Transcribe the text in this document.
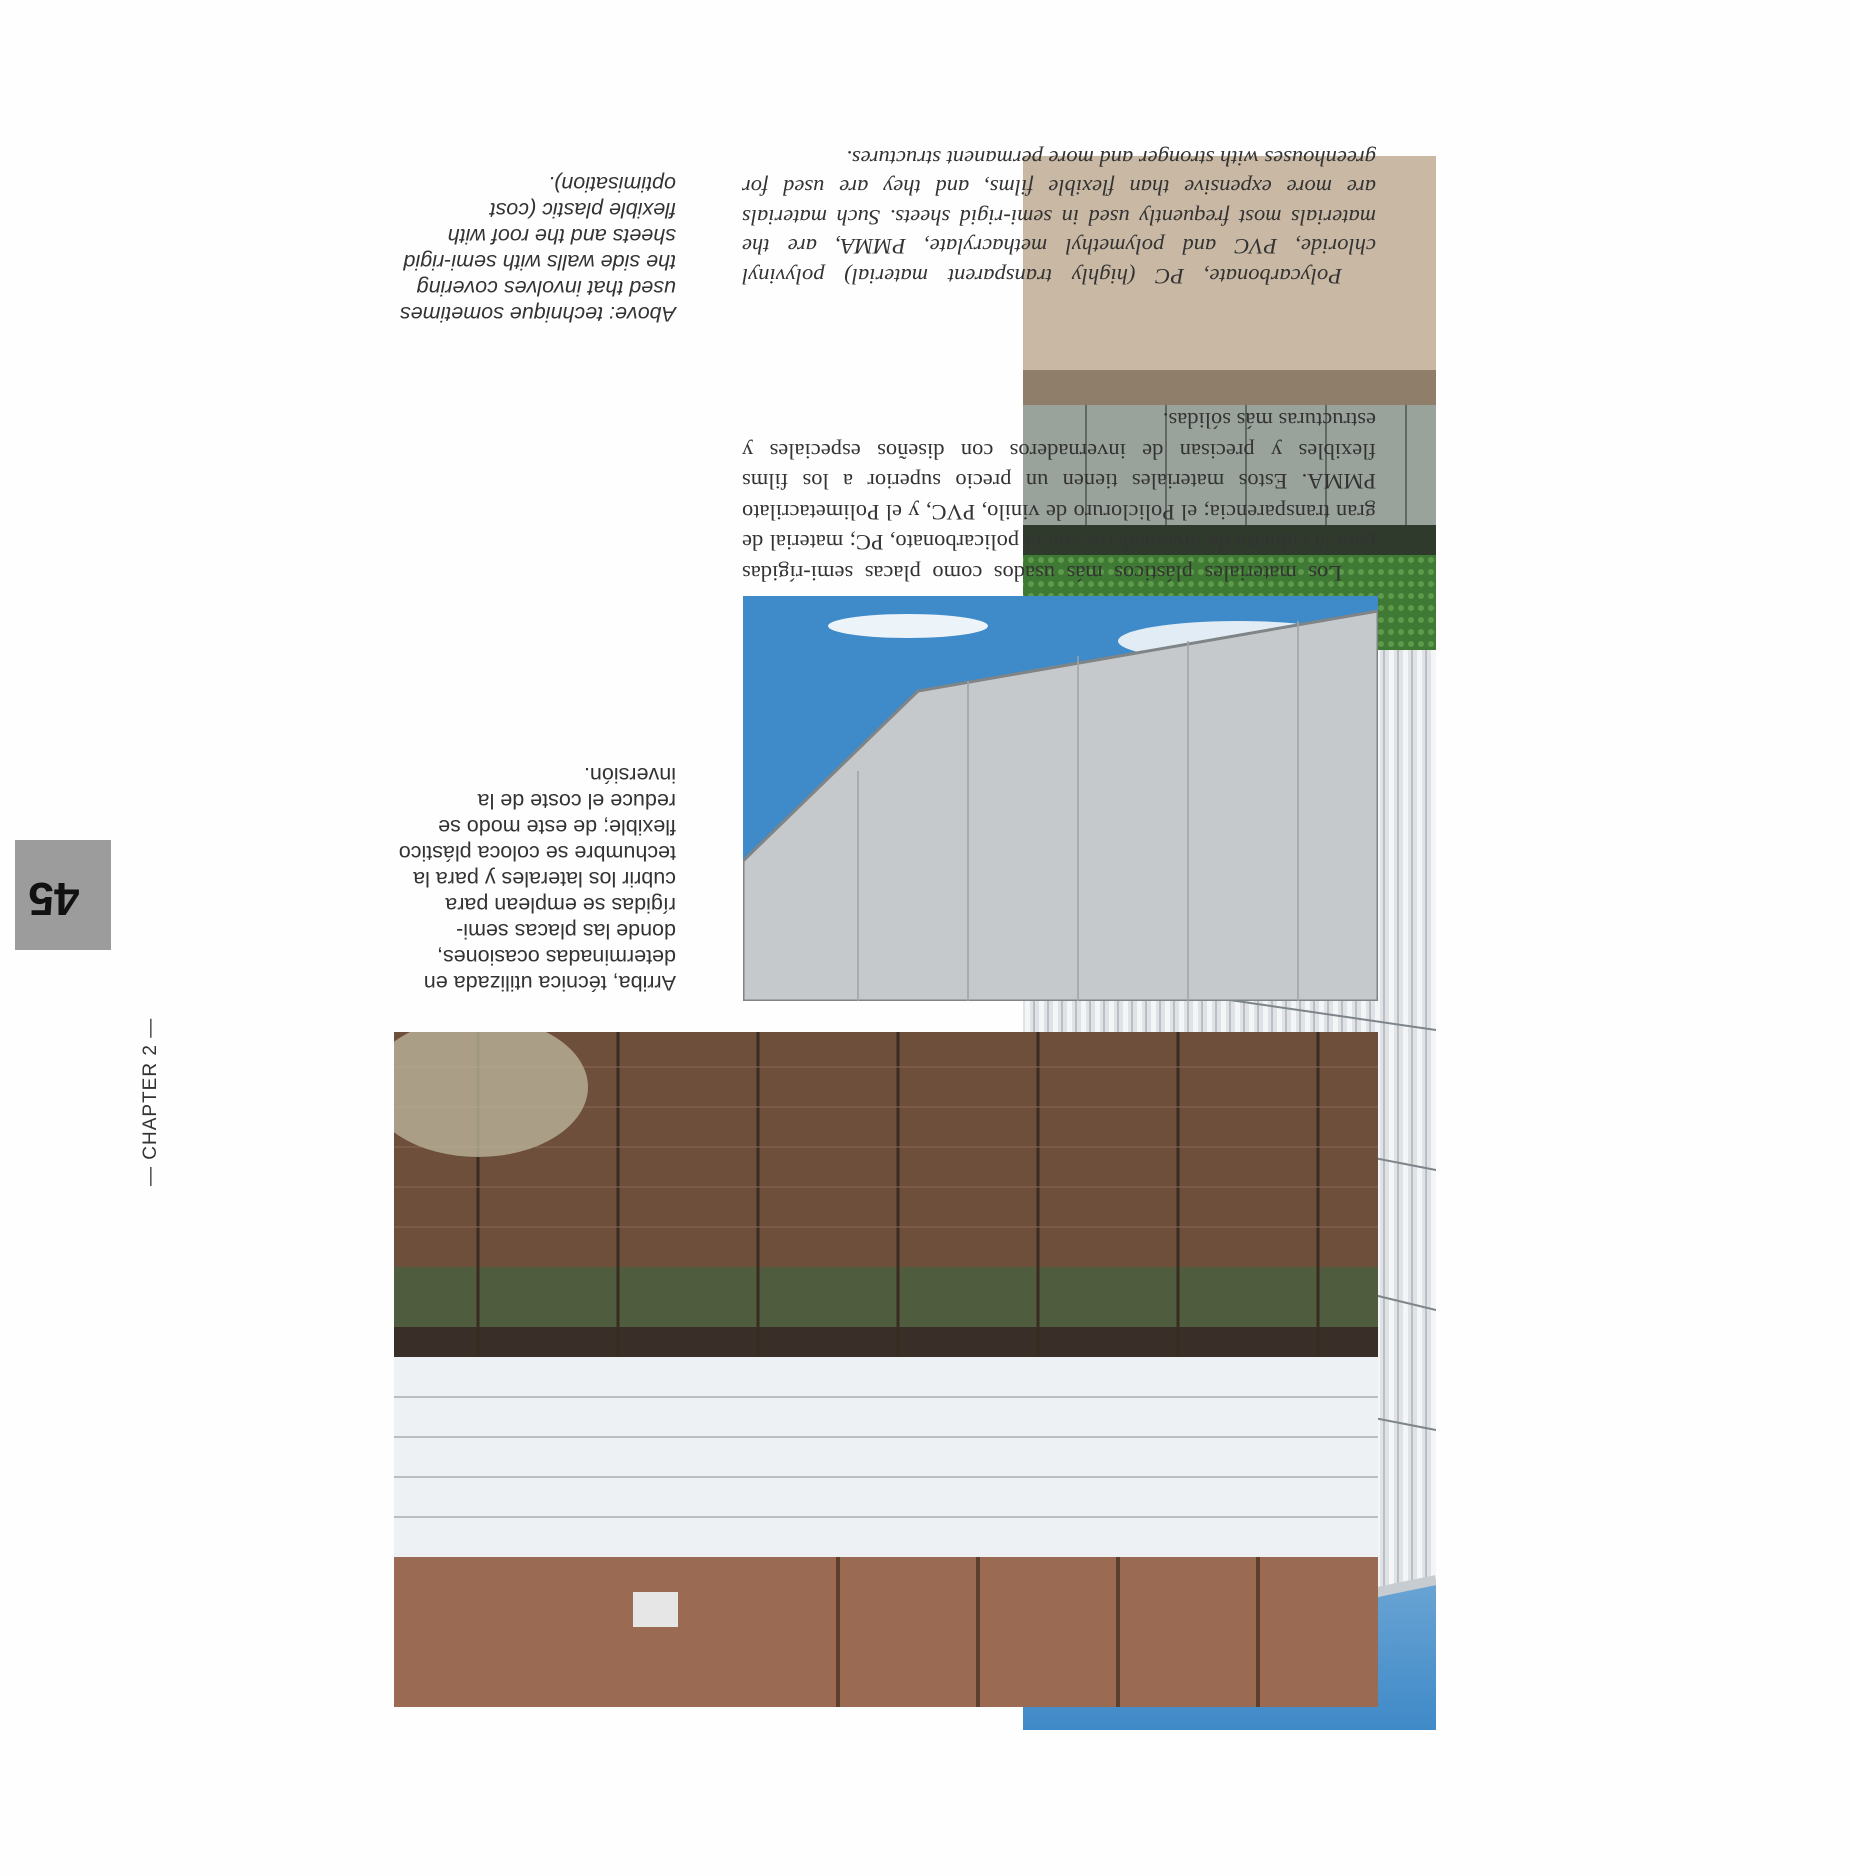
Los materiales plásticos más usados como placas semi-rígidas para la cubierta de invernaderos son el policarbonato, PC; material de gran transparencia; el Policloruro de vinilo, PVC, y el Polimetacrilato PMMA. Estos materiales tienen un precio superior a los films flexibles y precisan de invernaderos con diseños especiales y estructuras más sólidas.

Polycarbonate, PC (highly transparent material) polyvinyl chloride, PVC and polymethyl methacrylate, PMMA, are the materials most frequently used in semi-rigid sheets. Such materials are more expensive than flexible films, and they are used for greenhouses with stronger and more permanent structures.

Arriba, técnica utilizada en determinadas ocasiones, donde las placas semi-rígidas se emplean para cubrir los laterales y para la techumbre se coloca plástico flexible; de este modo se reduce el coste de la inversión.

Above: technique sometimes used that involves covering the side walls with semi-rigid sheets and the roof with flexible plastic (cost optimisation).

45
— CHAPTER 2 —
